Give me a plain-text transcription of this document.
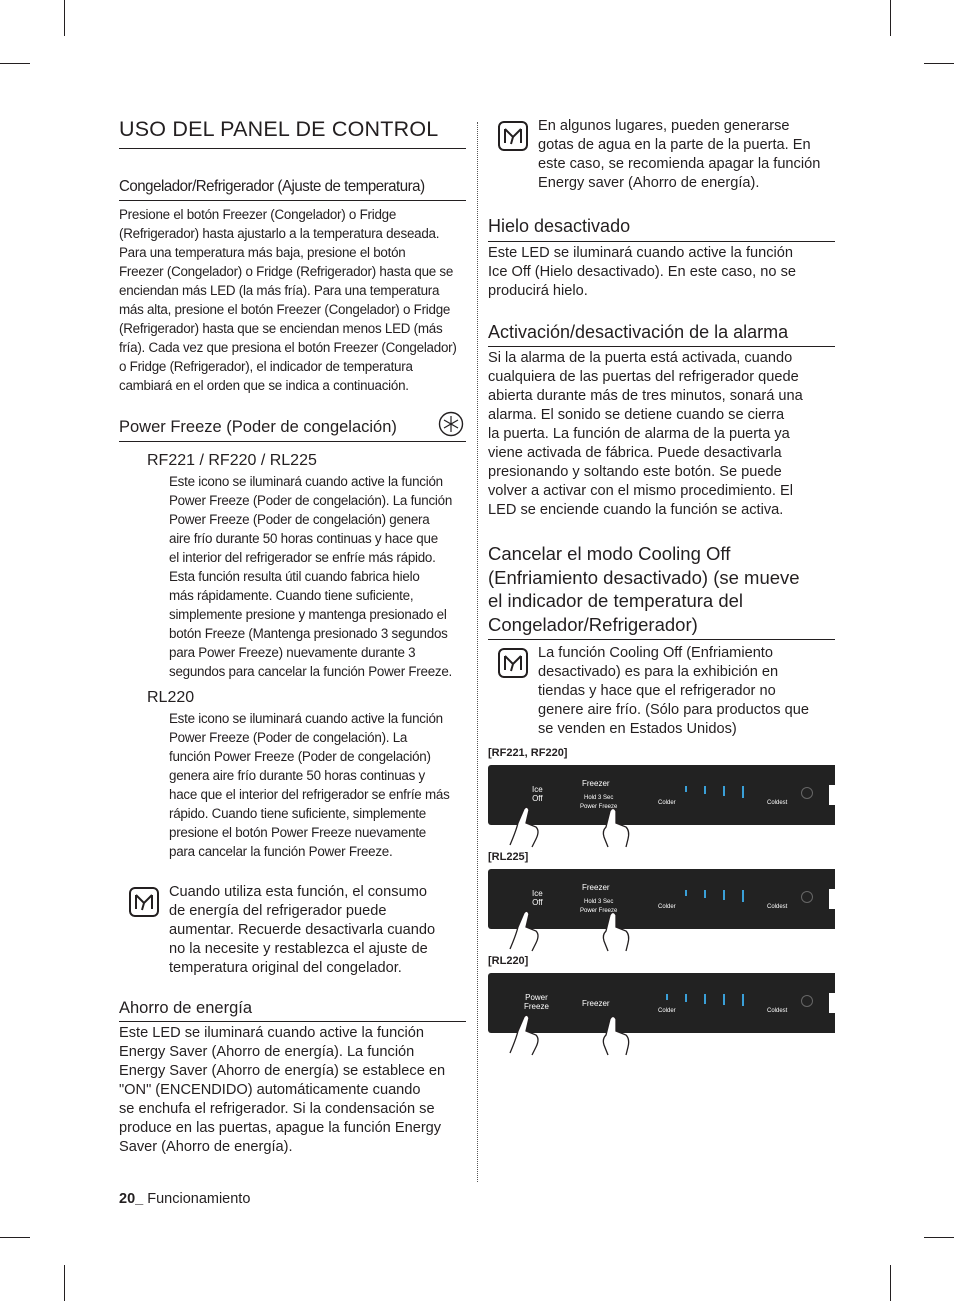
USO DEL PANEL DE CONTROL
Congelador/Refrigerador (Ajuste de temperatura)

Presione el botón Freezer (Congelador) o Fridge
(Refrigerador) hasta ajustarlo a la temperatura deseada.
Para una temperatura más baja, presione el botón
Freezer (Congelador) o Fridge (Refrigerador) hasta que se
enciendan más LED (la más fría). Para una temperatura
más alta, presione el botón Freezer (Congelador) o Fridge
(Refrigerador) hasta que se enciendan menos LED (más
fría). Cada vez que presiona el botón Freezer (Congelador)
o Fridge (Refrigerador), el indicador de temperatura
cambiará en el orden que se indica a continuación.

Power Freeze (Poder de congelación)
RF221 / RF220 / RL225

Este icono se iluminará cuando active la función
Power Freeze (Poder de congelación). La función
Power Freeze (Poder de congelación) genera
aire frío durante 50 horas continuas y hace que
el interior del refrigerador se enfríe más rápido.
Esta función resulta útil cuando fabrica hielo
más rápidamente. Cuando tiene suficiente,
simplemente presione y mantenga presionado el
botón Freeze (Mantenga presionado 3 segundos
para Power Freeze) nuevamente durante 3
segundos para cancelar la función Power Freeze.

RL220

Este icono se iluminará cuando active la función
Power Freeze (Poder de congelación). La
función Power Freeze (Poder de congelación)
genera aire frío durante 50 horas continuas y
hace que el interior del refrigerador se enfríe más
rápido. Cuando tiene suficiente, simplemente
presione el botón Power Freeze nuevamente
para cancelar la función Power Freeze.

Cuando utiliza esta función, el consumo
de energía del refrigerador puede
aumentar. Recuerde desactivarla cuando
no la necesite y restablezca el ajuste de
temperatura original del congelador.

Ahorro de energía

Este LED se iluminará cuando active la función
Energy Saver (Ahorro de energía). La función
Energy Saver (Ahorro de energía) se establece en
"ON" (ENCENDIDO) automáticamente cuando
se enchufa el refrigerador. Si la condensación se
produce en las puertas, apague la función Energy
Saver (Ahorro de energía).

En algunos lugares, pueden generarse
gotas de agua en la parte de la puerta. En
este caso, se recomienda apagar la función
Energy saver (Ahorro de energía).

Hielo desactivado

Este LED se iluminará cuando active la función
Ice Off (Hielo desactivado). En este caso, no se
producirá hielo.

Activación/desactivación de la alarma

Si la alarma de la puerta está activada, cuando
cualquiera de las puertas del refrigerador quede
abierta durante más de tres minutos, sonará una
alarma. El sonido se detiene cuando se cierra
la puerta. La función de alarma de la puerta ya
viene activada de fábrica. Puede desactivarla
presionando y soltando este botón. Se puede
volver a activar con el mismo procedimiento. El
LED se enciende cuando la función se activa.

Cancelar el modo Cooling Off
(Enfriamiento desactivado) (se mueve
el indicador de temperatura del
Congelador/Refrigerador)

La función Cooling Off (Enfriamiento
desactivado) es para la exhibición en
tiendas y hace que el refrigerador no
genere aire frío. (Sólo para productos que
se venden en Estados Unidos)

[RF221, RF220]
Ice
Off
Freezer
Hold 3 Sec
Power Freeze
Colder	Coldest
[RL225]
Ice
Off
Freezer
Hold 3 Sec
Power Freeze
Colder	Coldest
[RL220]
Power
Freeze	Freezer
Colder	Coldest
20_ Funcionamiento
